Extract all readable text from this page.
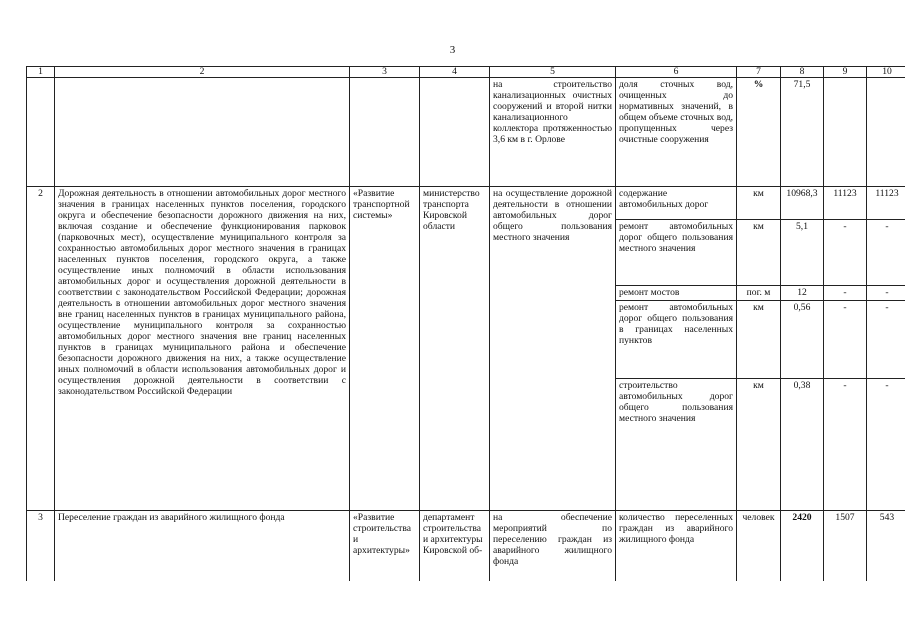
3
1	2	3	4	5	6	7	8	9	10
				на строительство канализационных очистных сооружений и второй нитки канализационного коллектора протяженностью 3,6 км в г. Орлове	доля сточных вод, очищенных до нормативных значений, в общем объеме сточных вод, пропущенных через очистные сооружения	%	71,5		
2	Дорожная деятельность в отношении автомобильных дорог местного значения в границах населенных пунктов поселения, городского округа и обеспечение безопасности дорожного движения на них, включая создание и обеспечение функционирования парковок (парковочных мест), осуществление муниципального контроля за сохранностью автомобильных дорог местного значения в границах населенных пунктов поселения, городского округа, а также осуществление иных полномочий в области использования автомобильных дорог и осуществления дорожной деятельности в соответствии с законодательством Российской Федерации; дорожная деятельность в отношении автомобильных дорог местного значения вне границ населенных пунктов в границах муниципального района, осуществление муниципального контроля за сохранностью автомобильных дорог местного значения вне границ населенных пунктов в границах муниципального района и обеспечение безопасности дорожного движения на них, а также осуществление иных полномочий в области использования автомобильных дорог и осуществления дорожной деятельности в соответствии с законодательством Российской Федерации	«Развитие транспортной системы»	министерство транспорта Кировской области	на осуществление дорожной деятельности в отношении автомобильных дорог общего пользования местного значения	содержание автомобильных дорог	км	10968,3	11123	11123
					ремонт автомобильных дорог общего пользования местного значения	км	5,1	-	-
					ремонт мостов	пог. м	12	-	-
					ремонт автомобильных дорог общего пользования в границах населенных пунктов	км	0,56	-	-
					строительство автомобильных дорог общего пользования местного значения	км	0,38	-	-
3	Переселение граждан из аварийного жилищного фонда	«Развитие строительства и архитектуры»	департамент строительства и архитектуры Кировской об-	на обеспечение мероприятий по переселению граждан из аварийного жилищного фонда	количество переселенных граждан из аварийного жилищного фонда	человек	2420	1507	543
